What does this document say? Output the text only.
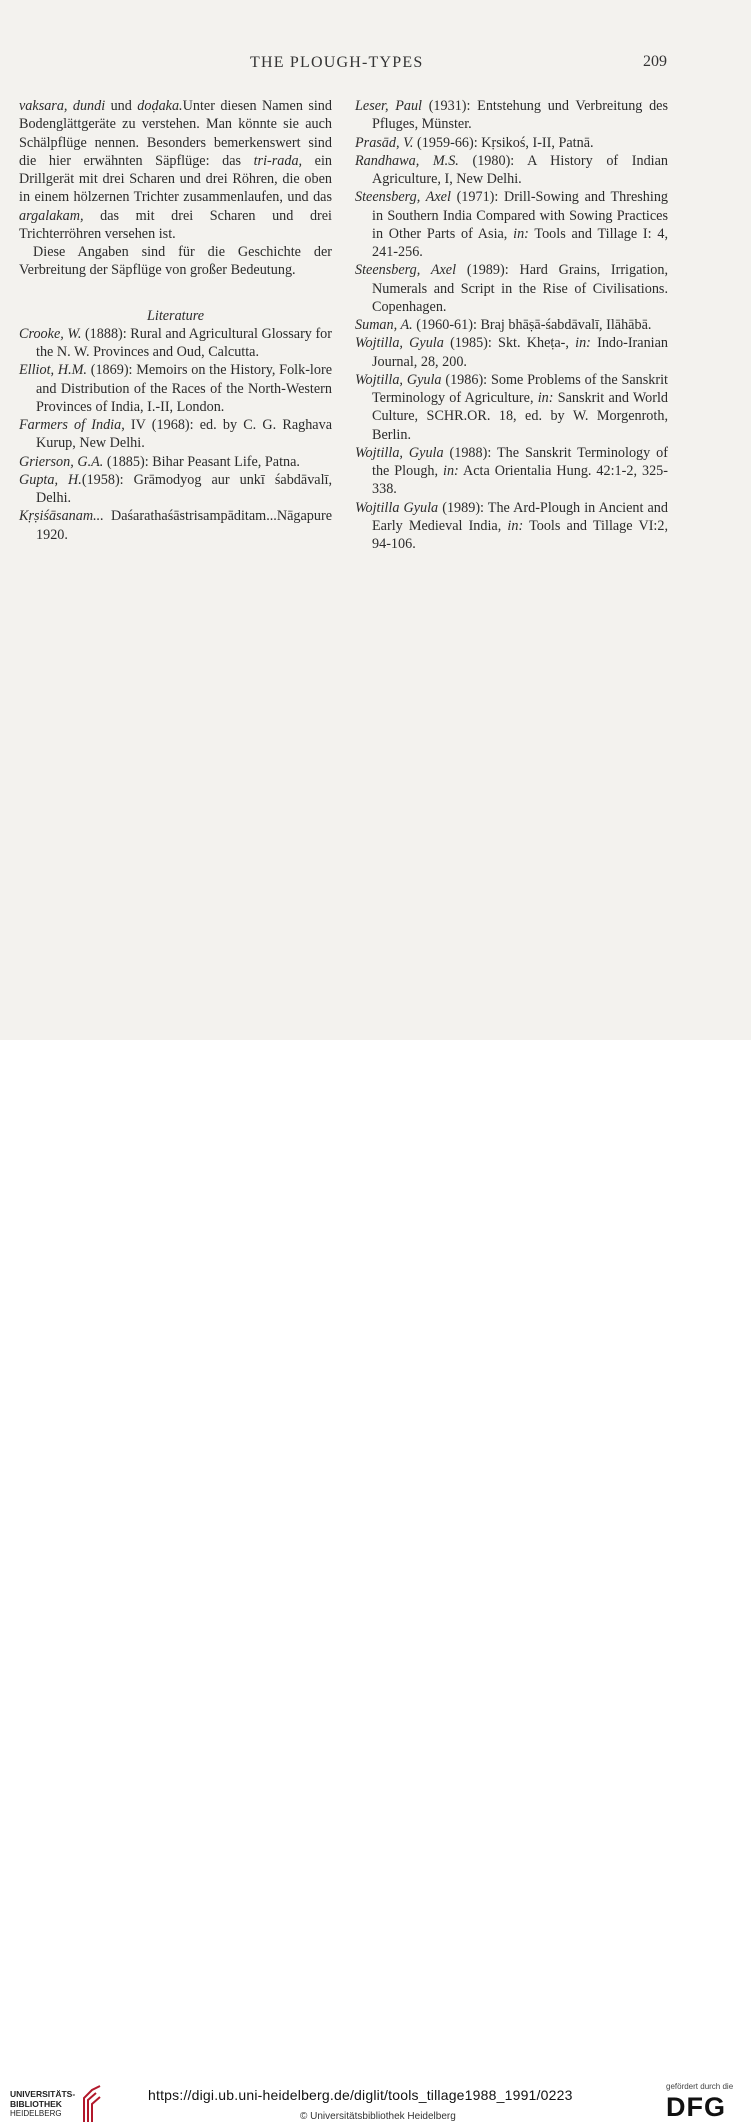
THE PLOUGH-TYPES	209

vaksara, dundi und doḍaka.Unter diesen Namen sind Bodenglättgeräte zu verstehen. Man könnte sie auch Schälpflüge nennen. Besonders bemerkenswert sind die hier erwähnten Säpflüge: das tri-rada, ein Drillgerät mit drei Scharen und drei Röhren, die oben in einem hölzernen Trichter zusammenlaufen, und das argalakam, das mit drei Scharen und drei Trichterröhren versehen ist.

Diese Angaben sind für die Geschichte der Verbreitung der Säpflüge von großer Bedeutung.

Literature

Crooke, W. (1888): Rural and Agricultural Glossary for the N. W. Provinces and Oud, Calcutta.

Elliot, H.M. (1869): Memoirs on the History, Folk-lore and Distribution of the Races of the North-Western Provinces of India, I.-II, London.

Farmers of India, IV (1968): ed. by C. G. Raghava Kurup, New Delhi.

Grierson, G.A. (1885): Bihar Peasant Life, Patna.

Gupta, H.(1958): Grāmodyog aur unkī śabdāvalī, Delhi.

Kṛṣiśāsanam... Daśarathaśāstrisampāditam...Nāgapure 1920.

Leser, Paul (1931): Entstehung und Verbreitung des Pfluges, Münster.

Prasād, V. (1959-66): Kṛsikoś, I-II, Patnā.

Randhawa, M.S. (1980): A History of Indian Agriculture, I, New Delhi.

Steensberg, Axel (1971): Drill-Sowing and Threshing in Southern India Compared with Sowing Practices in Other Parts of Asia, in: Tools and Tillage I: 4, 241-256.

Steensberg, Axel (1989): Hard Grains, Irrigation, Numerals and Script in the Rise of Civilisations. Copenhagen.

Suman, A. (1960-61): Braj bhāṣā-śabdāvalī, Ilāhābā.

Wojtilla, Gyula (1985): Skt. Kheṭa-, in: Indo-Iranian Journal, 28, 200.

Wojtilla, Gyula (1986): Some Problems of the Sanskrit Terminology of Agriculture, in: Sanskrit and World Culture, SCHR.OR. 18, ed. by W. Morgenroth, Berlin.

Wojtilla, Gyula (1988): The Sanskrit Terminology of the Plough, in: Acta Orientalia Hung. 42:1-2, 325-338.

Wojtilla Gyula (1989): The Ard-Plough in Ancient and Early Medieval India, in: Tools and Tillage VI:2, 94-106.

UNIVERSITÄTS-
BIBLIOTHEK
HEIDELBERG
https://digi.ub.uni-heidelberg.de/diglit/tools_tillage1988_1991/0223
© Universitätsbibliothek Heidelberg
gefördert durch die
DFG
